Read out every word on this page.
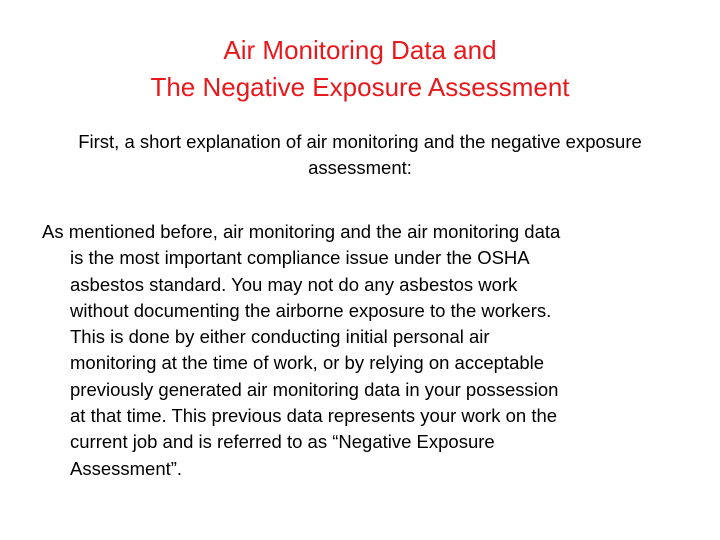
Air Monitoring Data and
The Negative Exposure Assessment
First, a short explanation of air monitoring and the negative exposure assessment:
As mentioned before, air monitoring and the air monitoring data
is the most important compliance issue under the OSHA
asbestos standard. You may not do any asbestos work
without documenting the airborne exposure to the workers.
This is done by either conducting initial personal air
monitoring at the time of work, or by relying on acceptable
previously generated air monitoring data in your possession
at that time. This previous data represents your work on the
current job and is referred to as “Negative Exposure
Assessment”.
